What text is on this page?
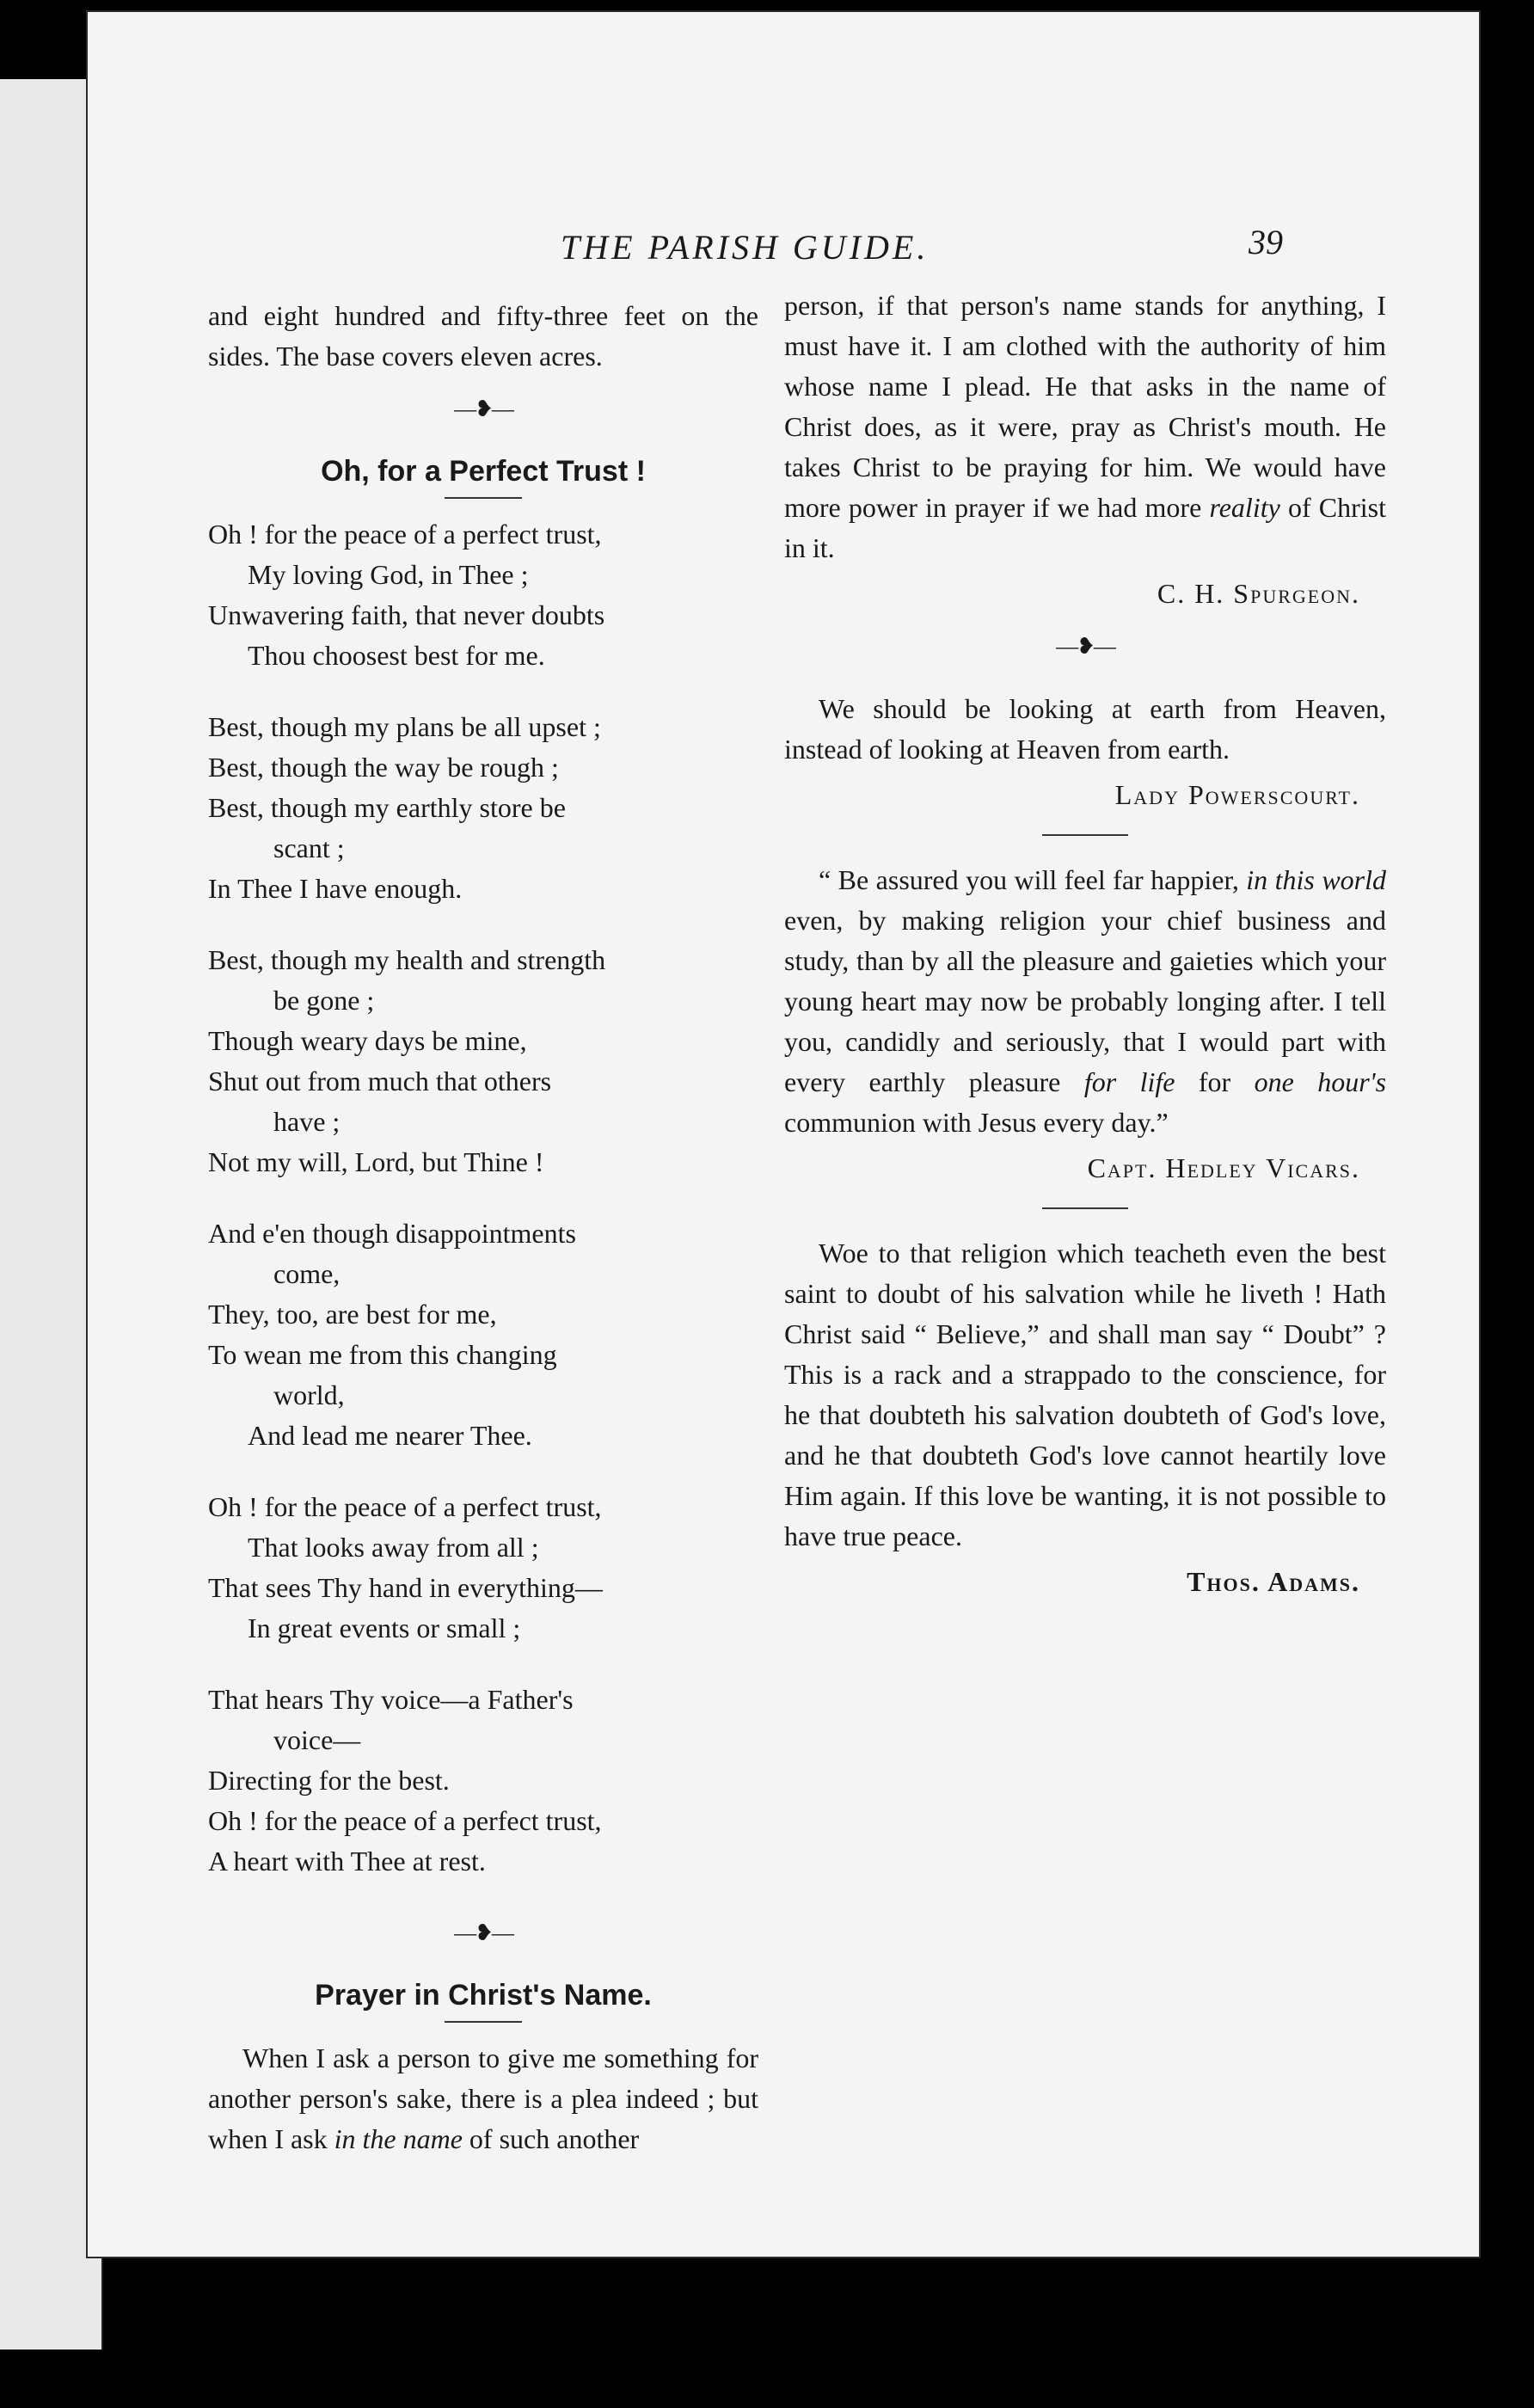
THE PARISH GUIDE.	39

and eight hundred and fifty-three feet on the sides. The base covers eleven acres.

—❥—
Oh, for a Perfect Trust !
Oh ! for the peace of a perfect trust,
My loving God, in Thee ;
Unwavering faith, that never doubts
Thou choosest best for me.
Best, though my plans be all upset ;
Best, though the way be rough ;
Best, though my earthly store be
scant ;
In Thee I have enough.
Best, though my health and strength
be gone ;
Though weary days be mine,
Shut out from much that others
have ;
Not my will, Lord, but Thine !
And e'en though disappointments
come,
They, too, are best for me,
To wean me from this changing
world,
And lead me nearer Thee.
Oh ! for the peace of a perfect trust,
That looks away from all ;
That sees Thy hand in everything—
In great events or small ;
That hears Thy voice—a Father's
voice—
Directing for the best.
Oh ! for the peace of a perfect trust,
A heart with Thee at rest.
—❥—
Prayer in Christ's Name.

When I ask a person to give me something for another person's sake, there is a plea indeed ; but when I ask in the name of such another

person, if that person's name stands for anything, I must have it. I am clothed with the authority of him whose name I plead. He that asks in the name of Christ does, as it were, pray as Christ's mouth. He takes Christ to be praying for him. We would have more power in prayer if we had more reality of Christ in it.

C. H. Spurgeon.
—❥—

We should be looking at earth from Heaven, instead of looking at Heaven from earth.

Lady Powerscourt.

“ Be assured you will feel far happier, in this world even, by making religion your chief business and study, than by all the pleasure and gaieties which your young heart may now be probably longing after. I tell you, candidly and seriously, that I would part with every earthly pleasure for life for one hour's communion with Jesus every day.”

Capt. Hedley Vicars.

Woe to that religion which teacheth even the best saint to doubt of his salvation while he liveth ! Hath Christ said “ Believe,” and shall man say “ Doubt” ? This is a rack and a strappado to the conscience, for he that doubteth his salvation doubteth of God's love, and he that doubteth God's love cannot heartily love Him again. If this love be wanting, it is not possible to have true peace.

Thos. Adams.
